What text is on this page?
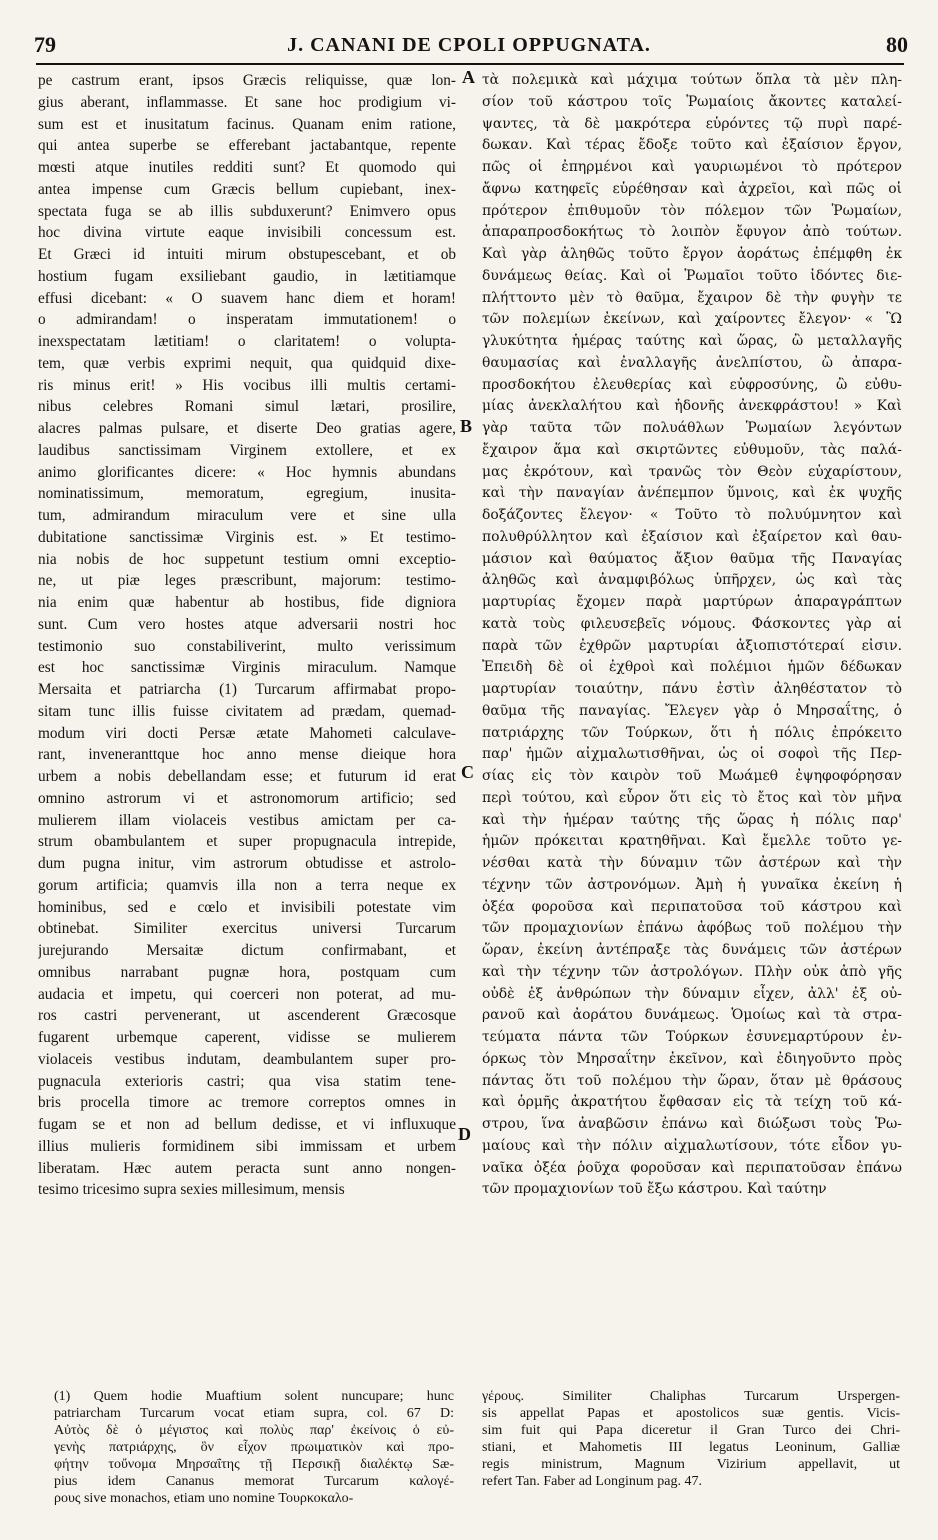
79	J. CANANI DE CPOLI OPPUGNATA.	80
pe castrum erant, ipsos Græcis reliquisse, quæ lon-
gius aberant, inflammasse. Et sane hoc prodigium vi-
sum est et inusitatum facinus. Quanam enim ratione,
qui antea superbe se efferebant jactabantque, repente
mœsti atque inutiles redditi sunt? Et quomodo qui
antea impense cum Græcis bellum cupiebant, inex-
spectata fuga se ab illis subduxerunt? Enimvero opus
hoc divina virtute eaque invisibili concessum est.
Et Græci id intuiti mirum obstupescebant, et ob
hostium fugam exsiliebant gaudio, in lætitiamque
effusi dicebant: « O suavem hanc diem et horam!
o admirandam! o insperatam immutationem! o
inexspectatam lætitiam! o claritatem! o volupta-
tem, quæ verbis exprimi nequit, qua quidquid dixe-
ris minus erit! » His vocibus illi multis certami-
nibus celebres Romani simul lætari, prosilire,
alacres palmas pulsare, et diserte Deo gratias agere,
laudibus sanctissimam Virginem extollere, et ex
animo glorificantes dicere: « Hoc hymnis abundans
nominatissimum, memoratum, egregium, inusita-
tum, admirandum miraculum vere et sine ulla
dubitatione sanctissimæ Virginis est. » Et testimo-
nia nobis de hoc suppetunt testium omni exceptio-
ne, ut piæ leges præscribunt, majorum: testimo-
nia enim quæ habentur ab hostibus, fide digniora
sunt. Cum vero hostes atque adversarii nostri hoc
testimonio suo constabiliverint, multo verissimum
est hoc sanctissimæ Virginis miraculum. Namque
Mersaita et patriarcha (1) Turcarum affirmabat propo-
sitam tunc illis fuisse civitatem ad prædam, quemad-
modum viri docti Persæ ætate Mahometi calculave-
rant, inveneranttque hoc anno mense dieique hora
urbem a nobis debellandam esse; et futurum id erat
omnino astrorum vi et astronomorum artificio; sed
mulierem illam violaceis vestibus amictam per ca-
strum obambulantem et super propugnacula intrepide,
dum pugna initur, vim astrorum obtudisse et astrolo-
gorum artificia; quamvis illa non a terra neque ex
hominibus, sed e cœlo et invisibili potestate vim
obtinebat. Similiter exercitus universi Turcarum
jurejurando Mersaitæ dictum confirmabant, et
omnibus narrabant pugnæ hora, postquam cum
audacia et impetu, qui coerceri non poterat, ad mu-
ros castri pervenerant, ut ascenderent Græcosque
fugarent urbemque caperent, vidisse se mulierem
violaceis vestibus indutam, deambulantem super pro-
pugnacula exterioris castri; qua visa statim tene-
bris procella timore ac tremore correptos omnes in
fugam se et non ad bellum dedisse, et vi influxuque
illius mulieris formidinem sibi immissam et urbem
liberatam. Hæc autem peracta sunt anno nongen-
tesimo tricesimo supra sexies millesimum, mensis
τὰ πολεμικὰ καὶ μάχιμα τούτων ὅπλα τὰ μὲν πλη-
σίον τοῦ κάστρου τοῖς Ῥωμαίοις ἄκοντες καταλεί-
ψαντες, τὰ δὲ μακρότερα εὑρόντες τῷ πυρὶ παρέ-
δωκαν. Καὶ τέρας ἔδοξε τοῦτο καὶ ἐξαίσιον ἔργον,
πῶς οἱ ἐπηρμένοι καὶ γαυριωμένοι τὸ πρότερον
ἄφνω κατηφεῖς εὑρέθησαν καὶ ἀχρεῖοι, καὶ πῶς οἱ
πρότερον ἐπιθυμοῦν τὸν πόλεμον τῶν Ῥωμαίων,
ἀπαραπροσδοκήτως τὸ λοιπὸν ἔφυγον ἀπὸ τούτων.
Καὶ γὰρ ἀληθῶς τοῦτο ἔργον ἀοράτως ἐπέμφθη ἐκ
δυνάμεως θείας. Καὶ οἱ Ῥωμαῖοι τοῦτο ἰδόντες διε-
πλήττοντο μὲν τὸ θαῦμα, ἔχαιρον δὲ τὴν φυγὴν τε
τῶν πολεμίων ἐκείνων, καὶ χαίροντες ἔλεγον· « Ὢ
γλυκύτητα ἡμέρας ταύτης καὶ ὥρας, ὢ μεταλλαγῆς
θαυμασίας καὶ ἐναλλαγῆς ἀνελπίστου, ὢ ἀπαρα-
προσδοκήτου ἐλευθερίας καὶ εὐφροσύνης, ὢ εὐθυ-
μίας ἀνεκλαλήτου καὶ ἡδονῆς ἀνεκφράστου! » Καὶ
γὰρ ταῦτα τῶν πολυάθλων Ῥωμαίων λεγόντων
ἔχαιρον ἅμα καὶ σκιρτῶντες εὐθυμοῦν, τὰς παλά-
μας ἐκρότουν, καὶ τρανῶς τὸν Θεὸν εὐχαρίστουν,
καὶ τὴν παναγίαν ἀνέπεμπον ὕμνοις, καὶ ἐκ ψυχῆς
δοξάζοντες ἔλεγον· « Τοῦτο τὸ πολυύμνητον καὶ
πολυθρύλλητον καὶ ἐξαίσιον καὶ ἐξαίρετον καὶ θαυ-
μάσιον καὶ θαύματος ἄξιον θαῦμα τῆς Παναγίας
ἀληθῶς καὶ ἀναμφιβόλως ὑπῆρχεν, ὡς καὶ τὰς
μαρτυρίας ἔχομεν παρὰ μαρτύρων ἀπαραγράπτων
κατὰ τοὺς φιλευσεβεῖς νόμους. Φάσκοντες γὰρ αἱ
παρὰ τῶν ἐχθρῶν μαρτυρίαι ἀξιοπιστότεραί εἰσιν.
Ἐπειδὴ δὲ οἱ ἐχθροὶ καὶ πολέμιοι ἡμῶν δέδωκαν
μαρτυρίαν τοιαύτην, πάνυ ἐστὶν ἀληθέστατον τὸ
θαῦμα τῆς παναγίας. Ἔλεγεν γὰρ ὁ Μηρσαΐτης, ὁ
πατριάρχης τῶν Τούρκων, ὅτι ἡ πόλις ἐπρόκειτο
παρ' ἡμῶν αἰχμαλωτισθῆναι, ὡς οἱ σοφοὶ τῆς Περ-
σίας εἰς τὸν καιρὸν τοῦ Μωάμεθ ἐψηφοφόρησαν
περὶ τούτου, καὶ εὗρον ὅτι εἰς τὸ ἔτος καὶ τὸν μῆνα
καὶ τὴν ἡμέραν ταύτης τῆς ὥρας ἡ πόλις παρ'
ἡμῶν πρόκειται κρατηθῆναι. Καὶ ἔμελλε τοῦτο γε-
νέσθαι κατὰ τὴν δύναμιν τῶν ἀστέρων καὶ τὴν
τέχνην τῶν ἀστρονόμων. Ἀμὴ ἡ γυναῖκα ἐκείνη ἡ
ὀξέα φοροῦσα καὶ περιπατοῦσα τοῦ κάστρου καὶ
τῶν προμαχιονίων ἐπάνω ἀφόβως τοῦ πολέμου τὴν
ὥραν, ἐκείνη ἀντέπραξε τὰς δυνάμεις τῶν ἀστέρων
καὶ τὴν τέχνην τῶν ἀστρολόγων. Πλὴν οὐκ ἀπὸ γῆς
οὐδὲ ἐξ ἀνθρώπων τὴν δύναμιν εἶχεν, ἀλλ' ἐξ οὐ-
ρανοῦ καὶ ἀοράτου δυνάμεως. Ὁμοίως καὶ τὰ στρα-
τεύματα πάντα τῶν Τούρκων ἐσυνεμαρτύρουν ἐν-
όρκως τὸν Μηρσαΐτην ἐκεῖνον, καὶ ἐδιηγοῦντο πρὸς
πάντας ὅτι τοῦ πολέμου τὴν ὥραν, ὅταν μὲ θράσους
καὶ ὁρμῆς ἀκρατήτου ἔφθασαν εἰς τὰ τείχη τοῦ κά-
στρου, ἵνα ἀναβῶσιν ἐπάνω καὶ διώξωσι τοὺς Ῥω-
μαίους καὶ τὴν πόλιν αἰχμαλωτίσουν, τότε εἶδον γυ-
ναῖκα ὀξέα ῥοῦχα φοροῦσαν καὶ περιπατοῦσαν ἐπάνω
τῶν προμαχιονίων τοῦ ἔξω κάστρου. Καὶ ταύτην
A
B
C
D
(1) Quem hodie Muaftium solent nuncupare; hunc
patriarcham Turcarum vocat etiam supra, col. 67 D:
Αὐτὸς δὲ ὁ μέγιστος καὶ πολὺς παρ' ἐκείνοις ὁ εὐ-
γενὴς πατριάρχης, ὃν εἶχον πρωιματικὸν καὶ προ-
φήτην τοὔνομα Μηρσαΐτης τῇ Περσικῇ διαλέκτῳ Sæ-
pius idem Cananus memorat Turcarum καλογέ-
ρους sive monachos, etiam uno nomine Τουρκοκαλο-
γέρους. Similiter Chaliphas Turcarum Urspergen-
sis appellat Papas et apostolicos suæ gentis. Vicis-
sim fuit qui Papa diceretur il Gran Turco dei Chri-
stiani, et Mahometis III legatus Leoninum, Galliæ
regis ministrum, Magnum Vizirium appellavit, ut
refert Tan. Faber ad Longinum pag. 47.
